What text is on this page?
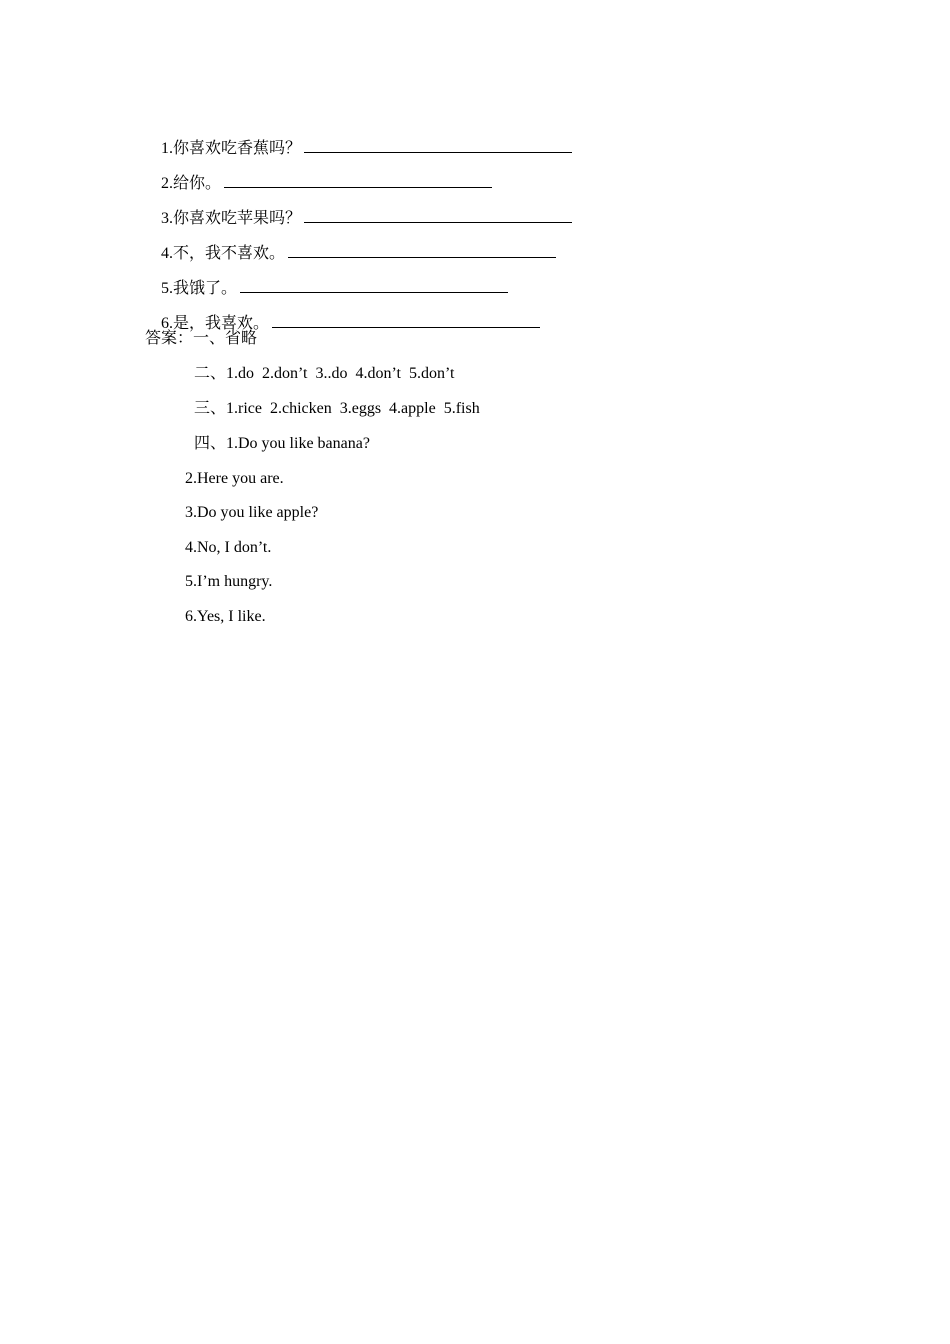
1.你喜欢吃香蕉吗？

2.给你。

3.你喜欢吃苹果吗？

4.不，我不喜欢。

5.我饿了。

6.是，我喜欢。

答案：一、省略
二、1.do  2.don’t  3..do  4.don’t  5.don’t
三、1.rice  2.chicken  3.eggs  4.apple  5.fish
四、1.Do you like banana?
2.Here you are.
3.Do you like apple?
4.No, I don’t.
5.I’m hungry.
6.Yes, I like.
